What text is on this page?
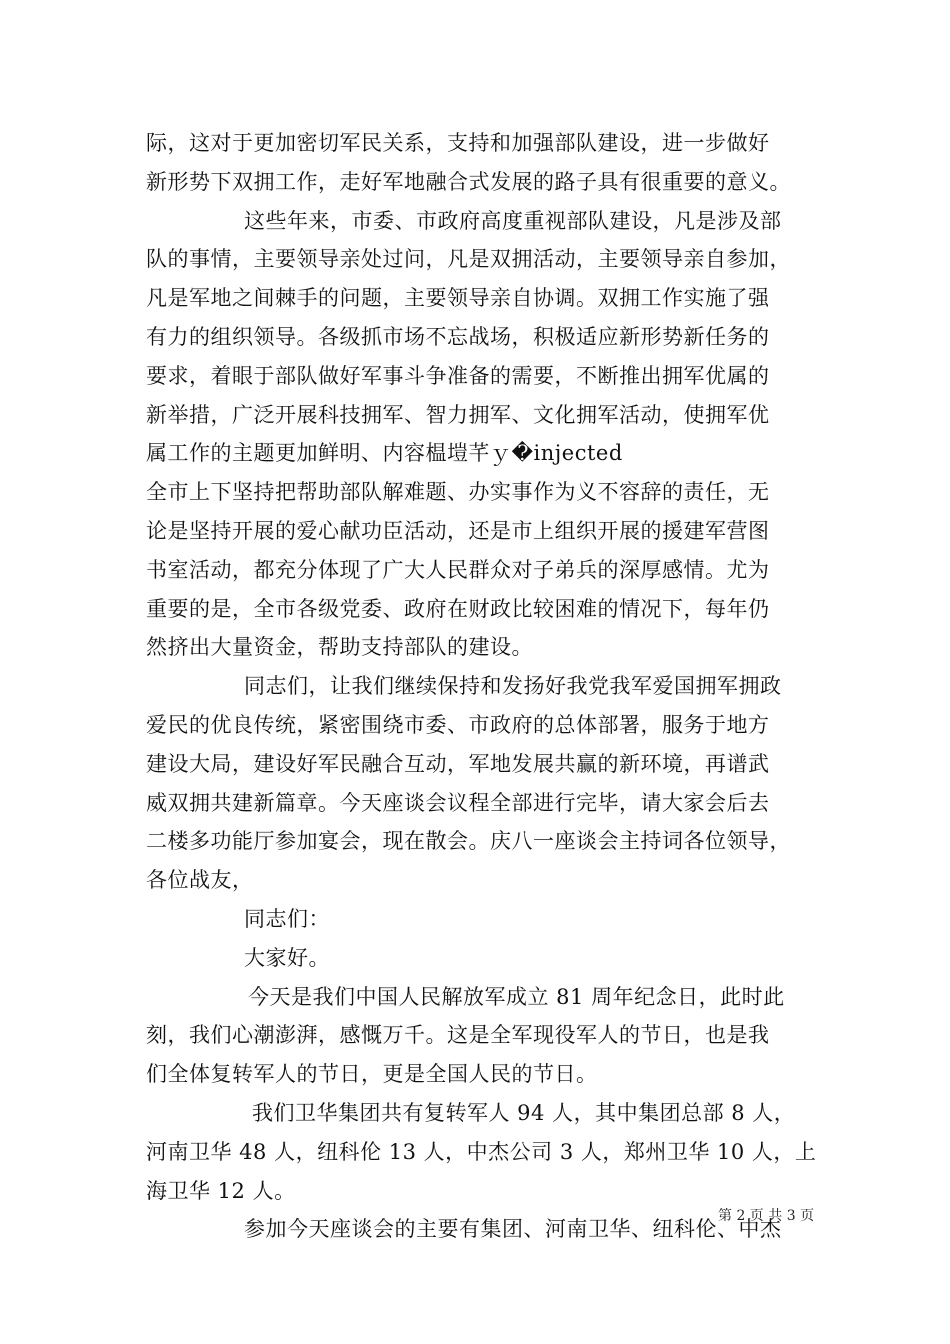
际，这对于更加密切军民关系，支持和加强部队建设，进一步做好
新形势下双拥工作，走好军地融合式发展的路子具有很重要的意义。
这些年来，市委、市政府高度重视部队建设，凡是涉及部
队的事情，主要领导亲处过问，凡是双拥活动，主要领导亲自参加，
凡是军地之间棘手的问题，主要领导亲自协调。双拥工作实施了强
有力的组织领导。各级抓市场不忘战场，积极适应新形势新任务的
要求，着眼于部队做好军事斗争准备的需要，不断推出拥军优属的
新举措，广泛开展科技拥军、智力拥军、文化拥军活动，使拥军优
属工作的主题更加鲜明、内容榅塏芊ｙ�injected
全市上下坚持把帮助部队解难题、办实事作为义不容辞的责任，无
论是坚持开展的爱心献功臣活动，还是市上组织开展的援建军营图
书室活动，都充分体现了广大人民群众对子弟兵的深厚感情。尤为
重要的是，全市各级党委、政府在财政比较困难的情况下，每年仍
然挤出大量资金，帮助支持部队的建设。
同志们，让我们继续保持和发扬好我党我军爱国拥军拥政
爱民的优良传统，紧密围绕市委、市政府的总体部署，服务于地方
建设大局，建设好军民融合互动，军地发展共赢的新环境，再谱武
威双拥共建新篇章。今天座谈会议程全部进行完毕，请大家会后去
二楼多功能厅参加宴会，现在散会。庆八一座谈会主持词各位领导，
各位战友，
同志们：
大家好。
今天是我们中国人民解放军成立 81 周年纪念日，此时此
刻，我们心潮澎湃，感慨万千。这是全军现役军人的节日，也是我
们全体复转军人的节日，更是全国人民的节日。
我们卫华集团共有复转军人 94 人，其中集团总部 8 人，
河南卫华 48 人，纽科伦 13 人，中杰公司 3 人，郑州卫华 10 人，上
海卫华 12 人。
参加今天座谈会的主要有集团、河南卫华、纽科伦、中杰
第 2 页 共 3 页
